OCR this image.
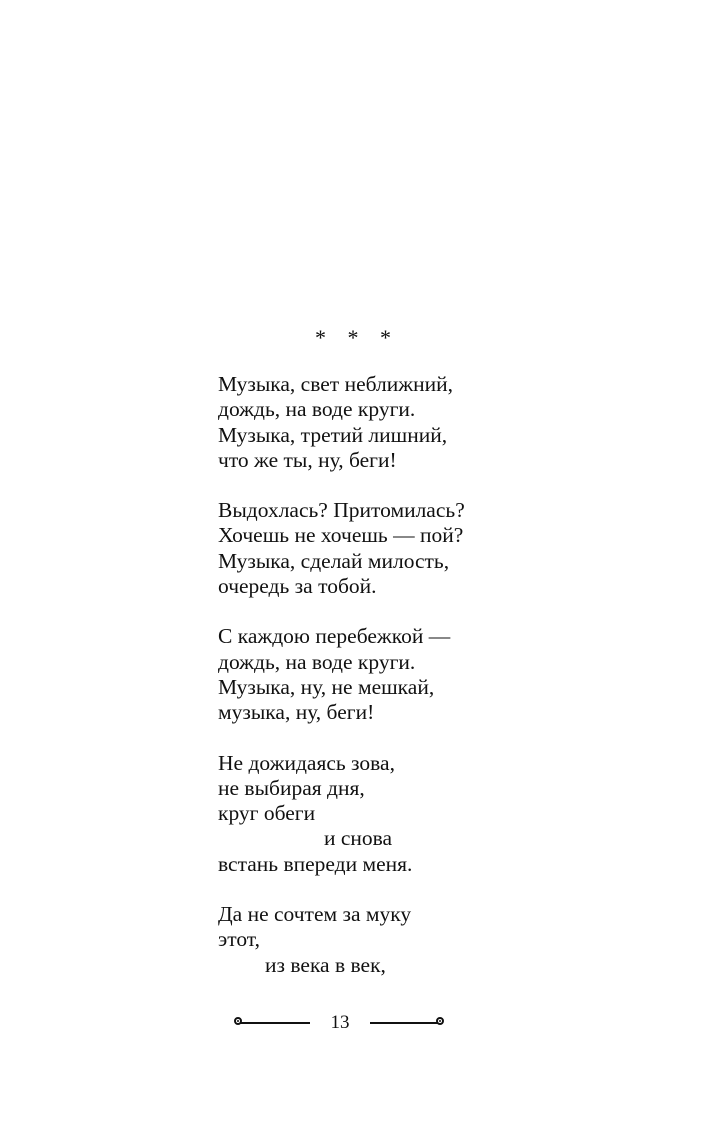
* * *
Музыка, свет неближний,
дождь, на воде круги.
Музыка, третий лишний,
что же ты, ну, беги!
Выдохлась? Притомилась?
Хочешь не хочешь — пой?
Музыка, сделай милость,
очередь за тобой.
С каждою перебежкой —
дождь, на воде круги.
Музыка, ну, не мешкай,
музыка, ну, беги!
Не дожидаясь зова,
не выбирая дня,
круг обеги
и снова
встань впереди меня.
Да не сочтем за муку
этот,
из века в век,
13
